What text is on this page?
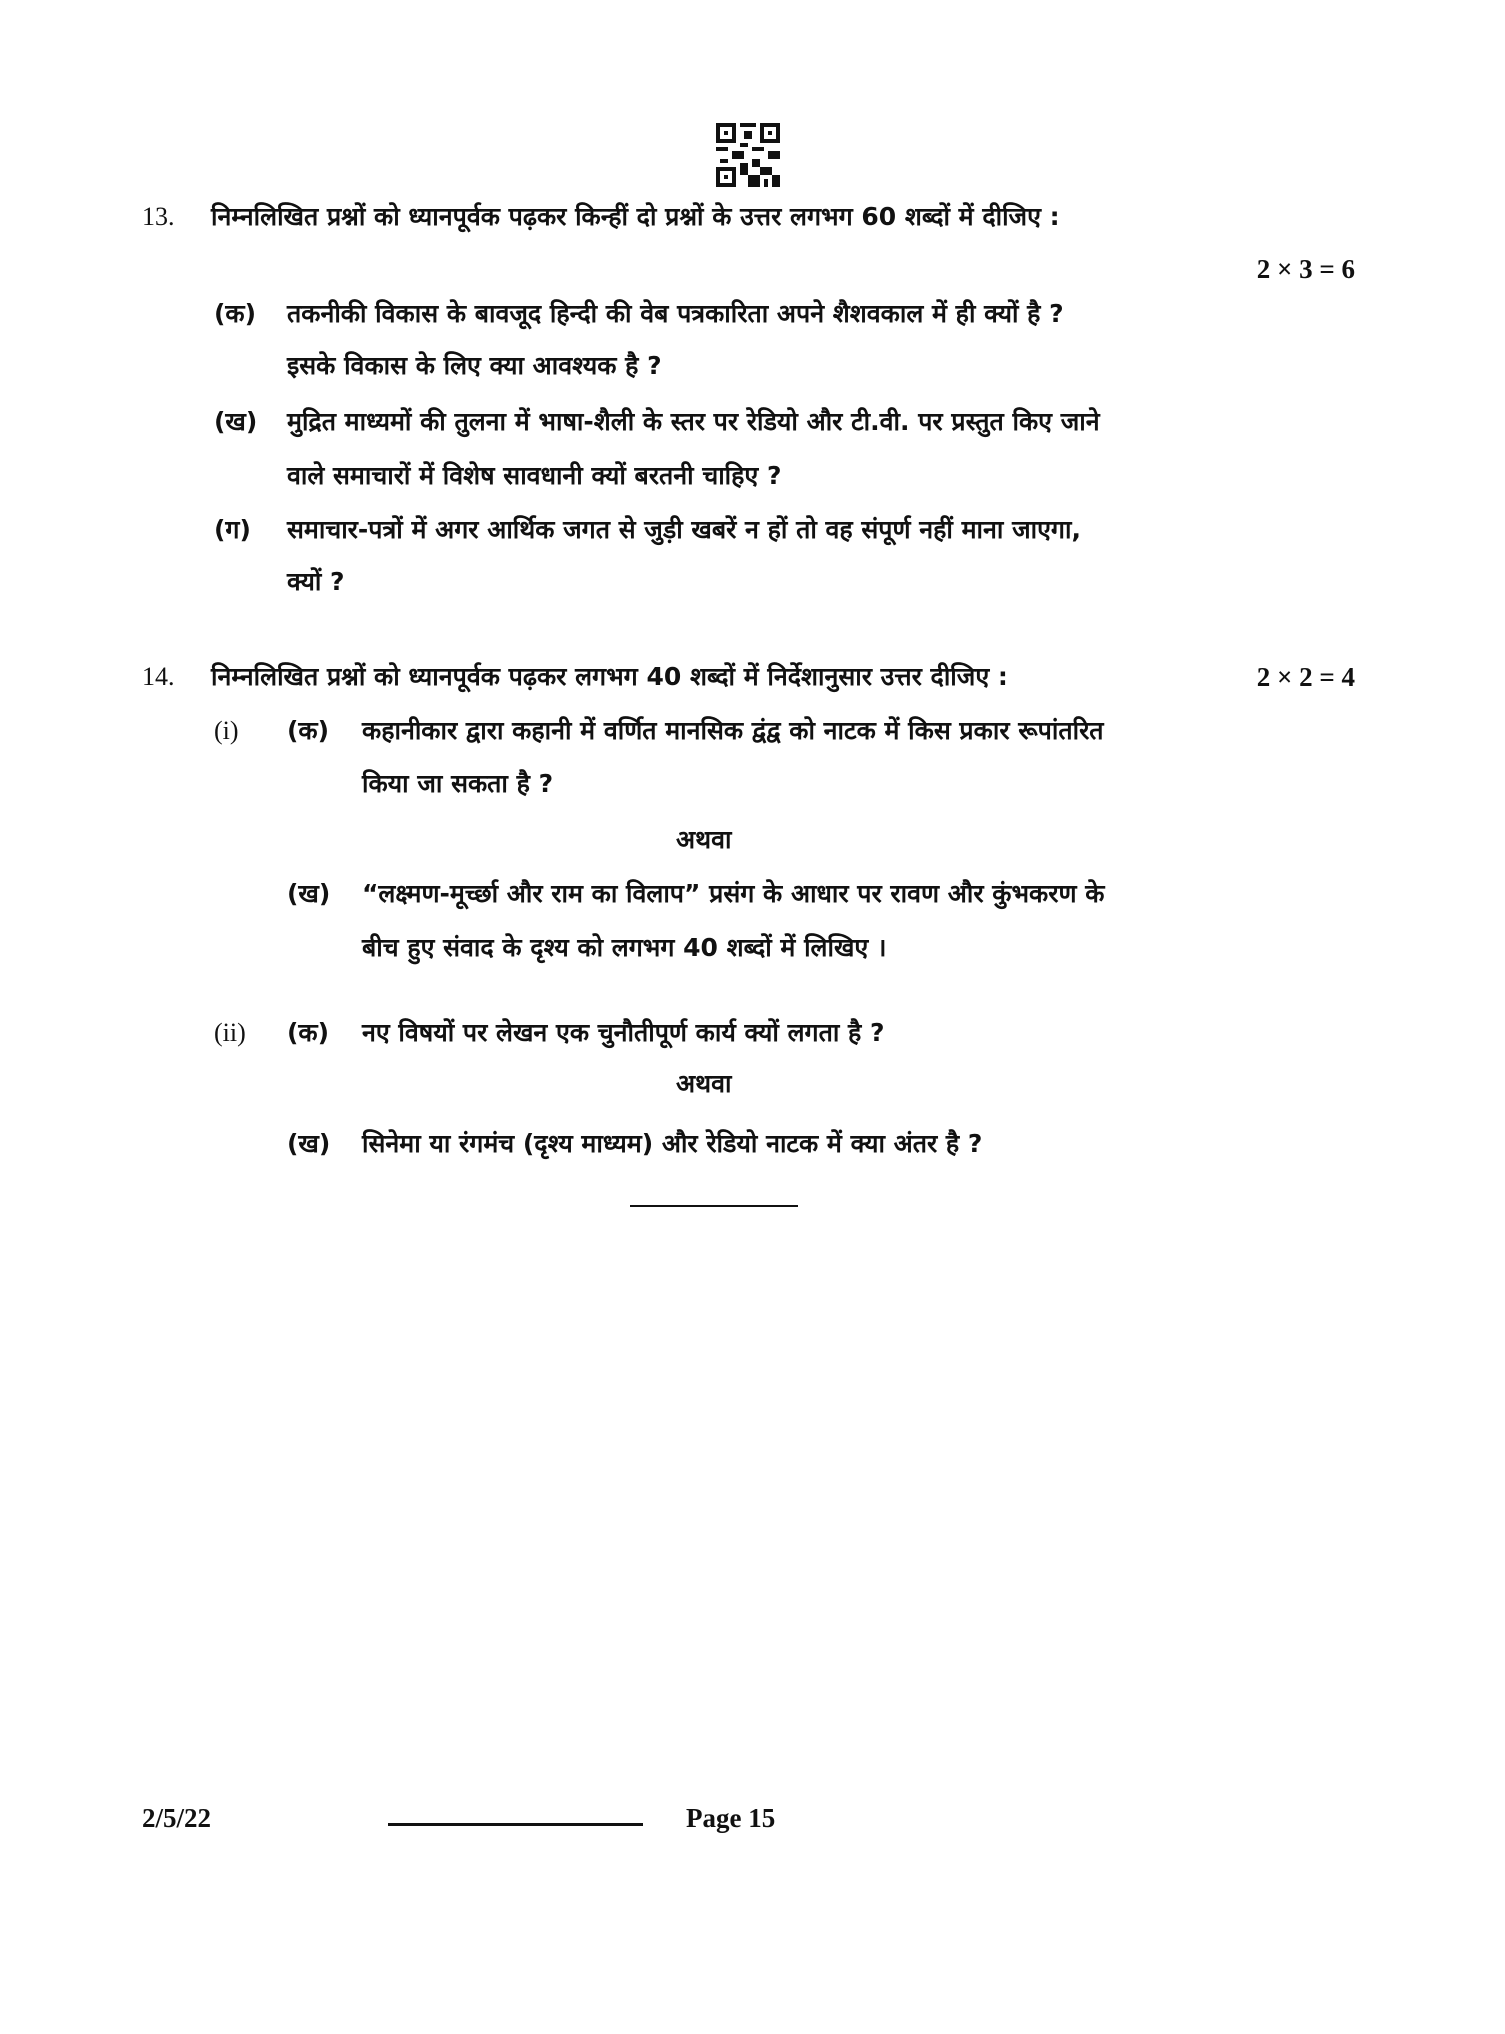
13. निम्नलिखित प्रश्नों को ध्यानपूर्वक पढ़कर किन्हीं दो प्रश्नों के उत्तर लगभग 60 शब्दों में दीजिए :
2 × 3 = 6
(क) तकनीकी विकास के बावजूद हिन्दी की वेब पत्रकारिता अपने शैशवकाल में ही क्यों है ?
इसके विकास के लिए क्या आवश्यक है ?
(ख) मुद्रित माध्यमों की तुलना में भाषा-शैली के स्तर पर रेडियो और टी.वी. पर प्रस्तुत किए जाने
वाले समाचारों में विशेष सावधानी क्यों बरतनी चाहिए ?
(ग) समाचार-पत्रों में अगर आर्थिक जगत से जुड़ी खबरें न हों तो वह संपूर्ण नहीं माना जाएगा,
क्यों ?
14. निम्नलिखित प्रश्नों को ध्यानपूर्वक पढ़कर लगभग 40 शब्दों में निर्देशानुसार उत्तर दीजिए :	2 × 2 = 4
(i) (क) कहानीकार द्वारा कहानी में वर्णित मानसिक द्वंद्व को नाटक में किस प्रकार रूपांतरित
किया जा सकता है ?
अथवा
(ख) “लक्ष्मण-मूर्च्छा और राम का विलाप” प्रसंग के आधार पर रावण और कुंभकरण के
बीच हुए संवाद के दृश्य को लगभग 40 शब्दों में लिखिए ।
(ii) (क) नए विषयों पर लेखन एक चुनौतीपूर्ण कार्य क्यों लगता है ?
अथवा
(ख) सिनेमा या रंगमंच (दृश्य माध्यम) और रेडियो नाटक में क्या अंतर है ?
2/5/22	Page 15
